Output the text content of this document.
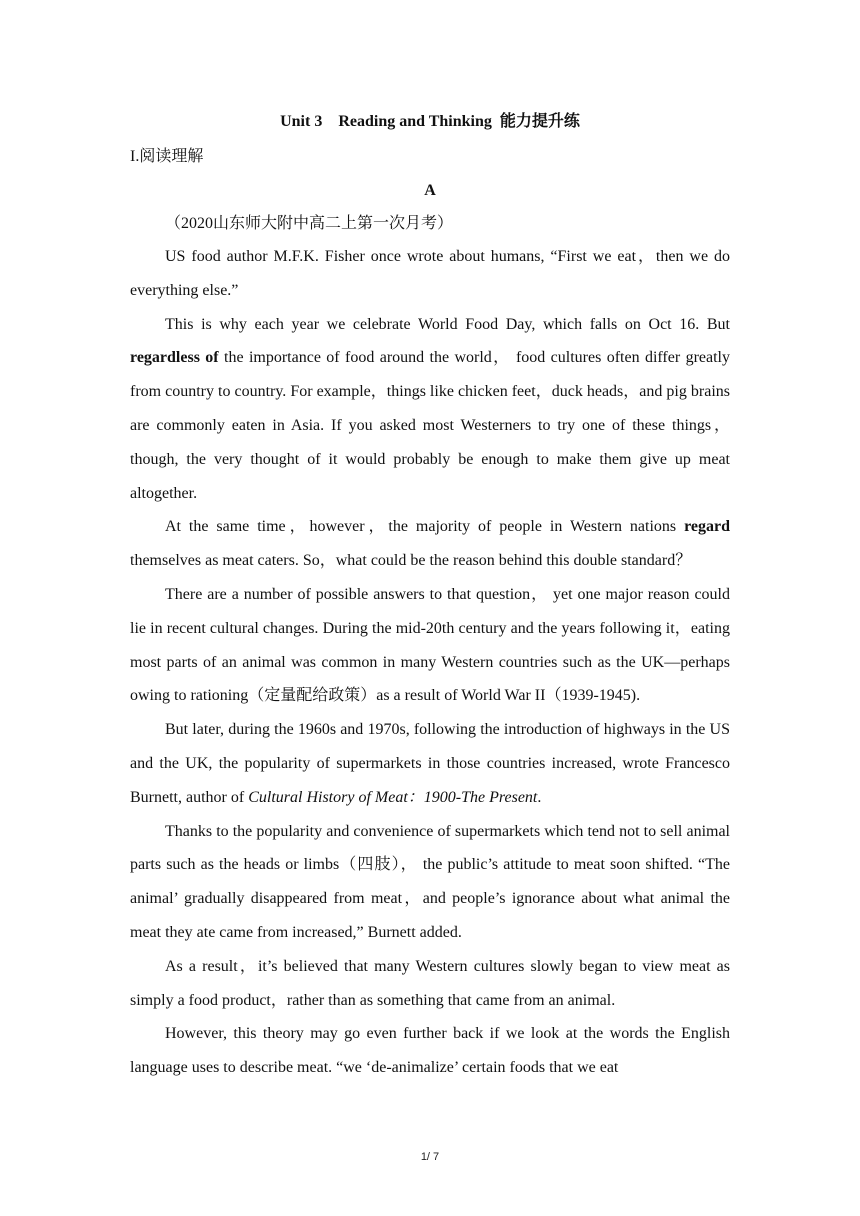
Unit 3    Reading and Thinking  能力提升练
I.阅读理解
A
（2020山东师大附中高二上第一次月考）

US food author M.F.K. Fisher once wrote about humans, “First we eat，then we do everything else.”

This is why each year we celebrate World Food Day, which falls on Oct 16. But regardless of the importance of food around the world， food cultures often differ greatly from country to country. For example，things like chicken feet，duck heads，and pig brains are commonly eaten in Asia. If you asked most Westerners to try one of these things， though, the very thought of it would probably be enough to make them give up meat altogether.

At the same time，however，the majority of people in Western nations regard themselves as meat caters. So，what could be the reason behind this double standard？

There are a number of possible answers to that question， yet one major reason could lie in recent cultural changes. During the mid-20th century and the years following it，eating most parts of an animal was common in many Western countries such as the UK—perhaps owing to rationing（定量配给政策）as a result of World War II（1939-1945).

But later, during the 1960s and 1970s, following the introduction of highways in the US and the UK, the popularity of supermarkets in those countries increased, wrote Francesco Burnett, author of Cultural History of Meat：1900-The Present.

Thanks to the popularity and convenience of supermarkets which tend not to sell animal parts such as the heads or limbs（四肢）， the public’s attitude to meat soon shifted. “The animal’ gradually disappeared from meat，and people’s ignorance about what animal the meat they ate came from increased,” Burnett added.

As a result，it’s believed that many Western cultures slowly began to view meat as simply a food product，rather than as something that came from an animal.

However, this theory may go even further back if we look at the words the English language uses to describe meat. “we ‘de-animalize’ certain foods that we eat

1/ 7
